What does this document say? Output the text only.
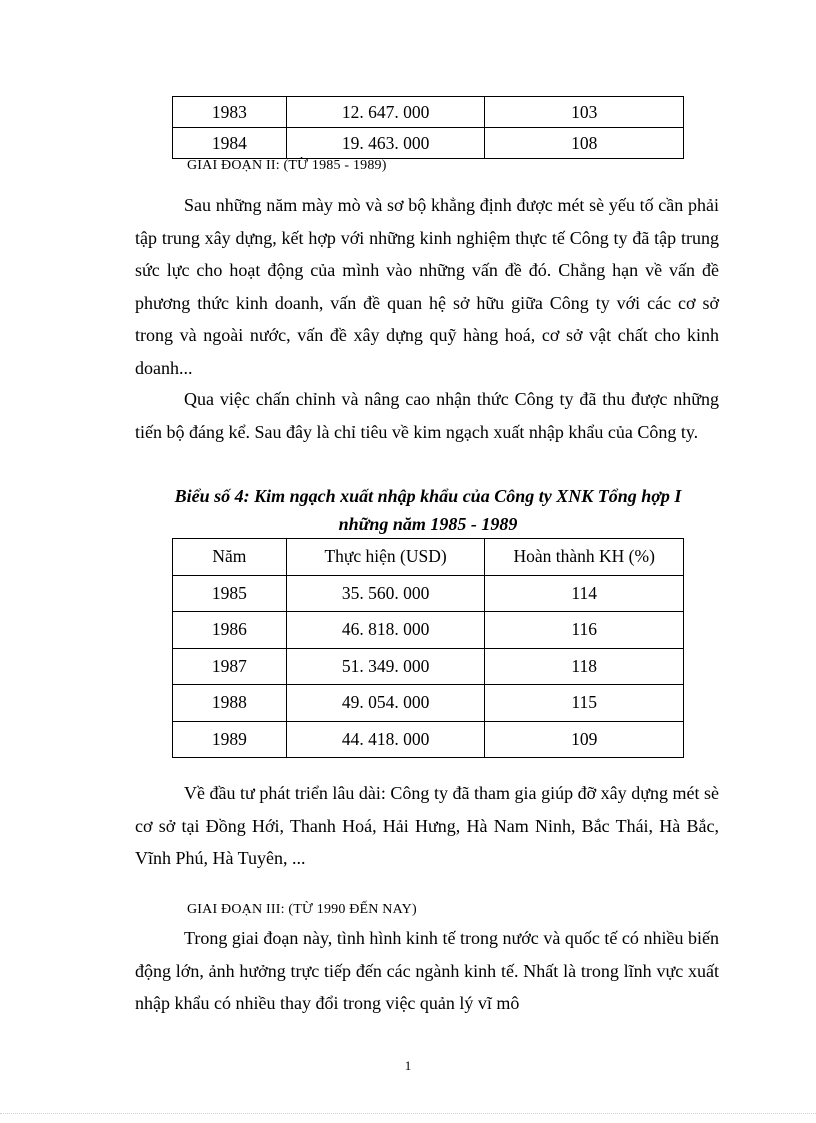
1983	12. 647. 000	103
1984	19. 463. 000	108
GIAI ĐOẠN II: (TỪ 1985 - 1989)

Sau những năm mày mò và sơ bộ khẳng định được mét sè yếu tố cần phải tập trung xây dựng, kết hợp với những kinh nghiệm thực tế Công ty đã tập trung sức lực cho hoạt động của mình vào những vấn đề đó. Chẳng hạn về vấn đề phương thức kinh doanh, vấn đề quan hệ sở hữu giữa Công ty với các cơ sở trong và ngoài nước, vấn đề xây dựng quỹ hàng hoá, cơ sở vật chất cho kinh doanh...

Qua việc chấn chỉnh và nâng cao nhận thức Công ty đã thu được những tiến bộ đáng kể. Sau đây là chỉ tiêu về kim ngạch xuất nhập khẩu của Công ty.

Biểu số 4: Kim ngạch xuất nhập khẩu của Công ty XNK Tổng hợp I

những năm 1985 - 1989

Năm	Thực hiện (USD)	Hoàn thành KH (%)
1985	35. 560. 000	114
1986	46. 818. 000	116
1987	51. 349. 000	118
1988	49. 054. 000	115
1989	44. 418. 000	109

Về đầu tư phát triển lâu dài: Công ty đã tham gia giúp đỡ xây dựng mét sè cơ sở tại Đồng Hới, Thanh Hoá, Hải Hưng, Hà Nam Ninh, Bắc Thái, Hà Bắc, Vĩnh Phú, Hà Tuyên, ...

GIAI ĐOẠN III: (TỪ 1990 ĐẾN NAY)

Trong giai đoạn này, tình hình kinh tế trong nước và quốc tế có nhiều biến động lớn, ảnh hưởng trực tiếp đến các ngành kinh tế. Nhất là trong lĩnh vực xuất nhập khẩu có nhiều thay đổi trong việc quản lý vĩ mô

1
